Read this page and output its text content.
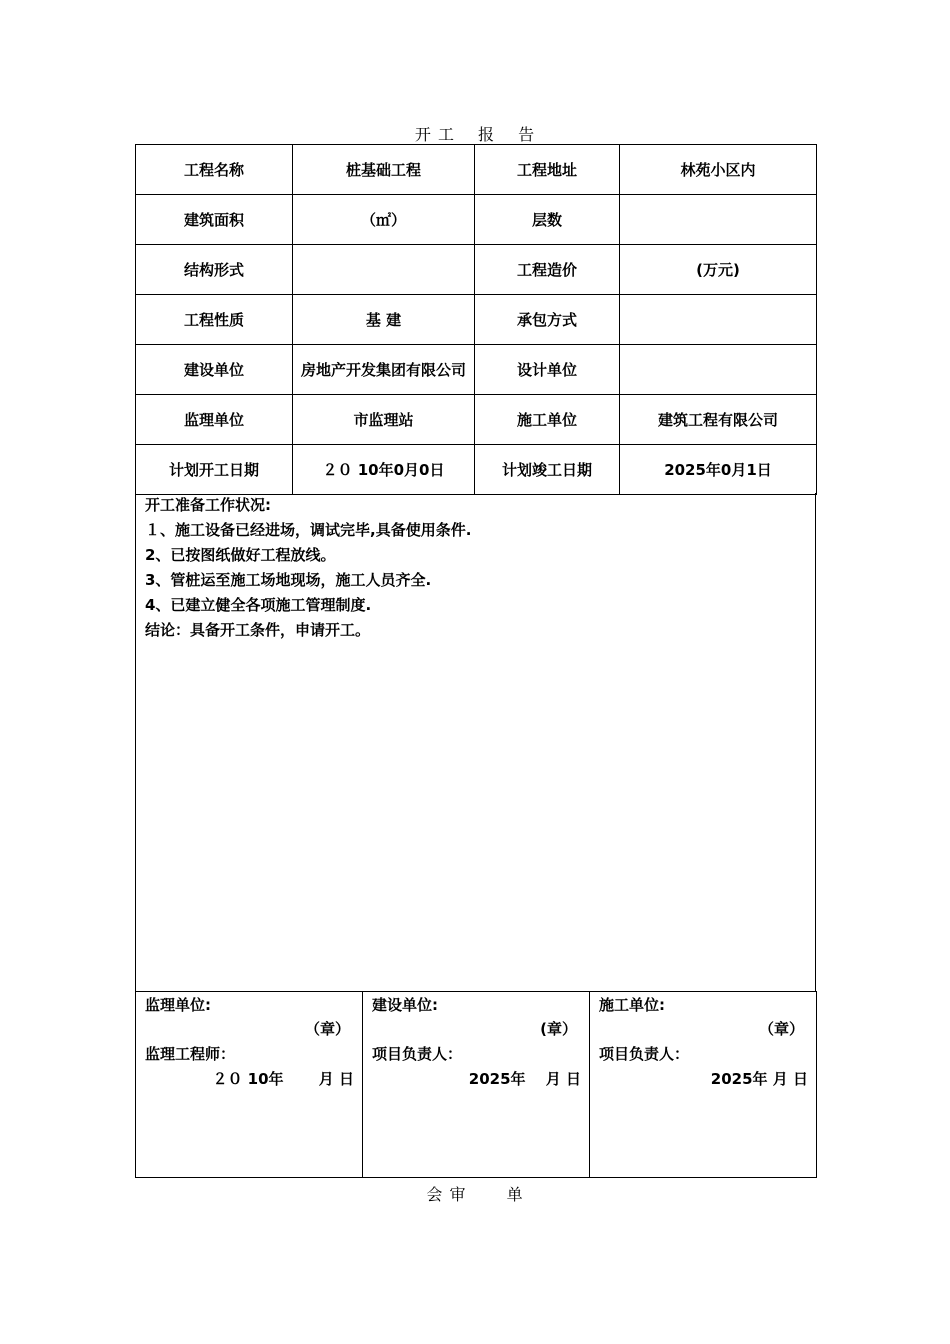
开 工　 报　 告
工程名称	桩基础工程	工程地址	林苑小区内
建筑面积	（㎡）	层数	
结构形式		工程造价	(万元)
工程性质	基 建	承包方式	
建设单位	房地产开发集团有限公司	设计单位	
监理单位	市监理站	施工单位	建筑工程有限公司
计划开工日期	２０ 10年0月0日	计划竣工日期	2025年0月1日
开工准备工作状况:
１、施工设备已经进场，调试完毕,具备使用条件.
2、已按图纸做好工程放线。
3、管桩运至施工场地现场，施工人员齐全.
4、已建立健全各项施工管理制度.
结论：具备开工条件，申请开工。
监理单位:
（章）
监理工程师：
２０ 10年　　 月 日

建设单位:
(章）
项目负责人：
2025年　 月 日

施工单位:
（章）
项目负责人：
2025年 月 日
会 审　　 单
